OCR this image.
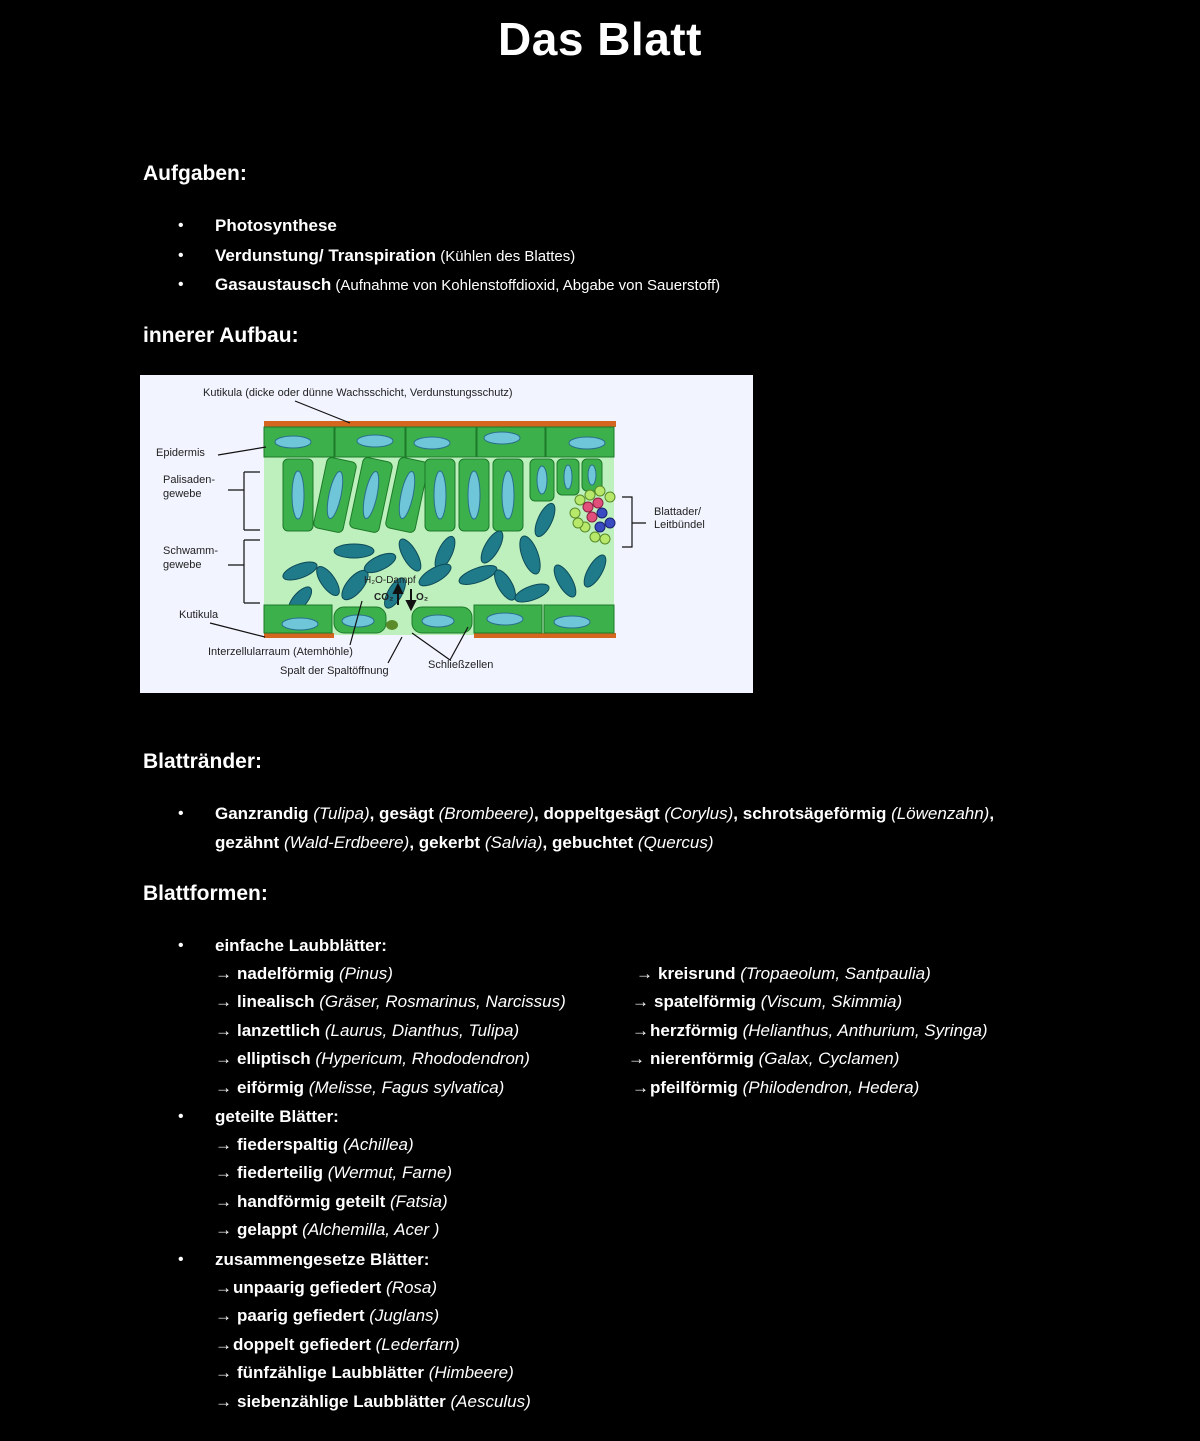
Das Blatt
Aufgaben:
•	Photosynthese
•	Verdunstung/ Transpiration (Kühlen des Blattes)
•	Gasaustausch (Aufnahme von Kohlenstoffdioxid, Abgabe von Sauerstoff)
innerer Aufbau:
Kutikula (dicke oder dünne Wachsschicht, Verdunstungsschutz)
Epidermis
Palisaden-
gewebe
Schwamm-
gewebe
Kutikula
Interzellularraum (Atemhöhle)
Spalt der Spaltöffnung	Schließzellen
Blattader/
Leitbündel
H₂O-Dampf
CO₂ O₂
Blattränder:
•	Ganzrandig (Tulipa), gesägt (Brombeere), doppeltgesägt (Corylus), schrotsägeförmig (Löwenzahn),
gezähnt (Wald-Erdbeere), gekerbt (Salvia), gebuchtet (Quercus)
Blattformen:
•	einfache Laubblätter:
→ nadelförmig (Pinus)
→ linealisch (Gräser, Rosmarinus, Narcissus)
→ lanzettlich (Laurus, Dianthus, Tulipa)
→ elliptisch (Hypericum, Rhododendron)
→ eiförmig (Melisse, Fagus sylvatica)
→ kreisrund (Tropaeolum, Santpaulia)
→ spatelförmig (Viscum, Skimmia)
→herzförmig (Helianthus, Anthurium, Syringa)
→ nierenförmig (Galax, Cyclamen)
→pfeilförmig (Philodendron, Hedera)
•	geteilte Blätter:
→ fiederspaltig (Achillea)
→ fiederteilig (Wermut, Farne)
→ handförmig geteilt (Fatsia)
→ gelappt (Alchemilla, Acer )
•	zusammengesetze Blätter:
→unpaarig gefiedert (Rosa)
→ paarig gefiedert (Juglans)
→doppelt gefiedert (Lederfarn)
→ fünfzählige Laubblätter (Himbeere)
→ siebenzählige Laubblätter (Aesculus)
